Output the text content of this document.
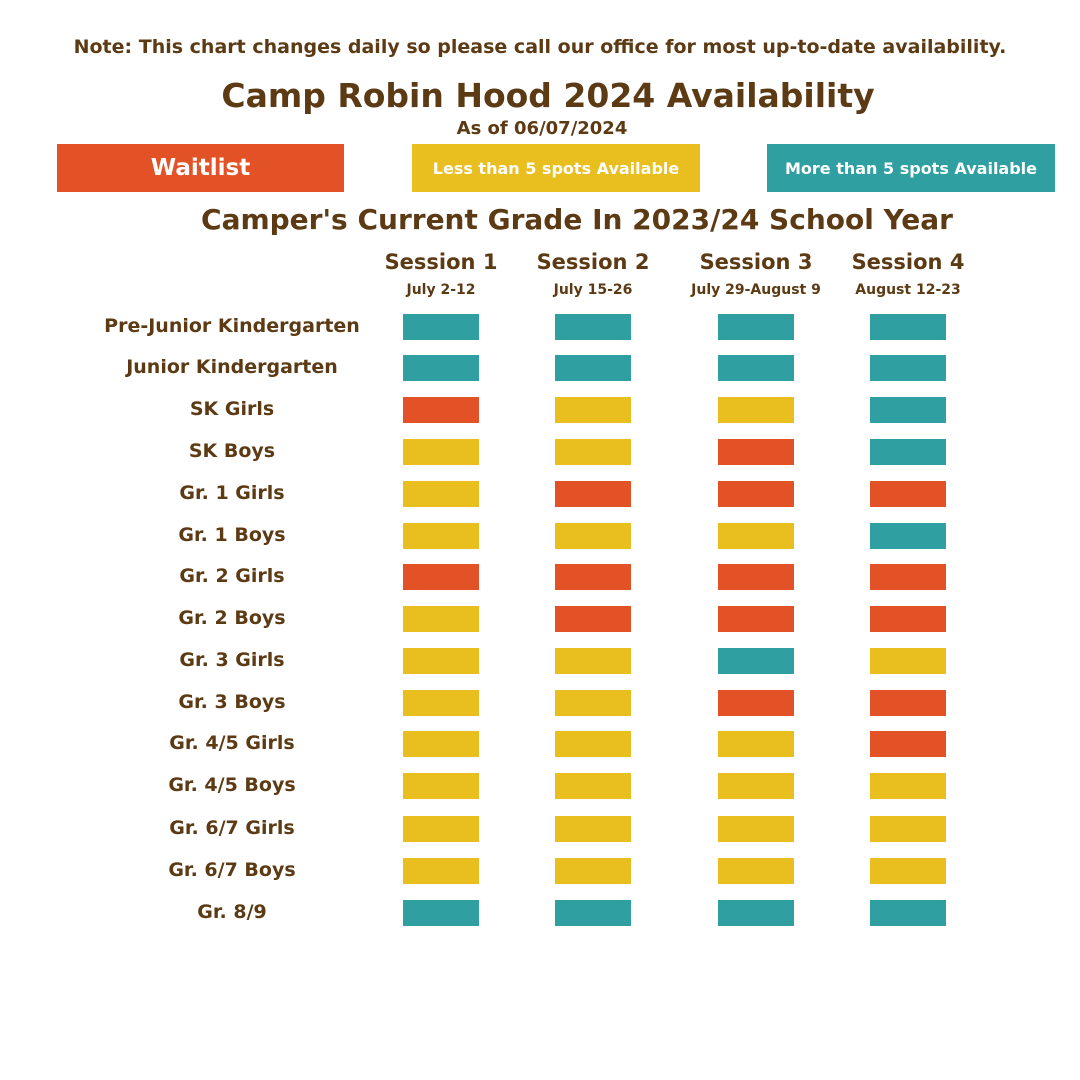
Note: This chart changes daily so please call our office for most up-to-date availability.
Camp Robin Hood 2024 Availability
As of 06/07/2024
Waitlist	Less than 5 spots Available	More than 5 spots Available
Camper's Current Grade In 2023/24 School Year
Session 1
July 2-12
Session 2
July 15-26
Session 3
July 29-August 9
Session 4
August 12-23
Pre-Junior Kindergarten
Junior Kindergarten
SK Girls
SK Boys
Gr. 1 Girls
Gr. 1 Boys
Gr. 2 Girls
Gr. 2 Boys
Gr. 3 Girls
Gr. 3 Boys
Gr. 4/5 Girls
Gr. 4/5 Boys
Gr. 6/7 Girls
Gr. 6/7 Boys
Gr. 8/9
